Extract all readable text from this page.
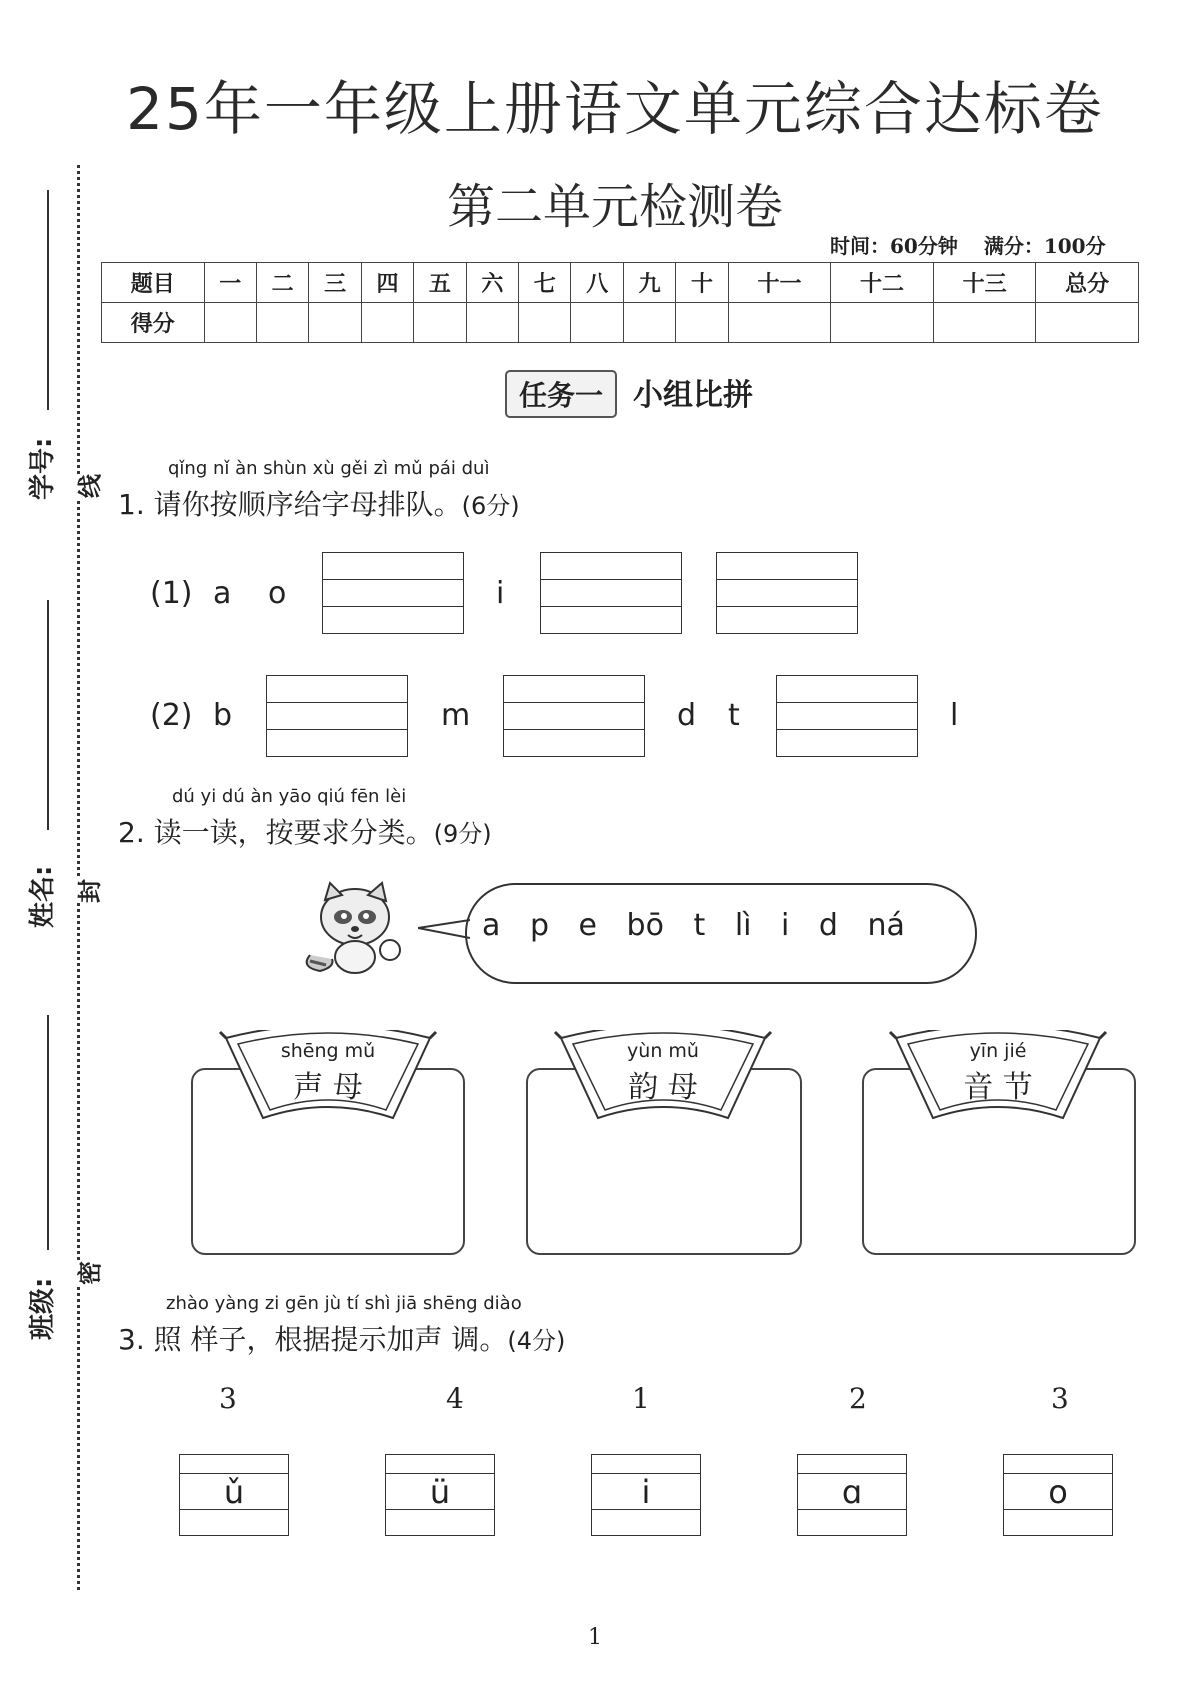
学号:
姓名:
班级:
线
封
密
25年一年级上册语文单元综合达标卷
第二单元检测卷
时间：60分钟 满分：100分
题目	一	二	三	四	五	六	七	八	九	十	十一	十二	十三	总分
得分														
任务一 小组比拼
qǐng nǐ àn shùn xù gěi zì mǔ pái duì
1. 请你按顺序给字母排队。(6分)
(1) a o	i
(2) b	m	d t	l
dú yi dú àn yāo qiú fēn lèi
2. 读一读，按要求分类。(9分)
a p e bō t lì i d ná
shēng mǔ
声 母
yùn mǔ
韵 母
yīn jié
音 节
zhào yàng zi gēn jù tí shì jiā shēng diào
3. 照 样子，根据提示加声 调。(4分)
3
ǔ
4
ü
1
i
2
ɑ
3
o
1
